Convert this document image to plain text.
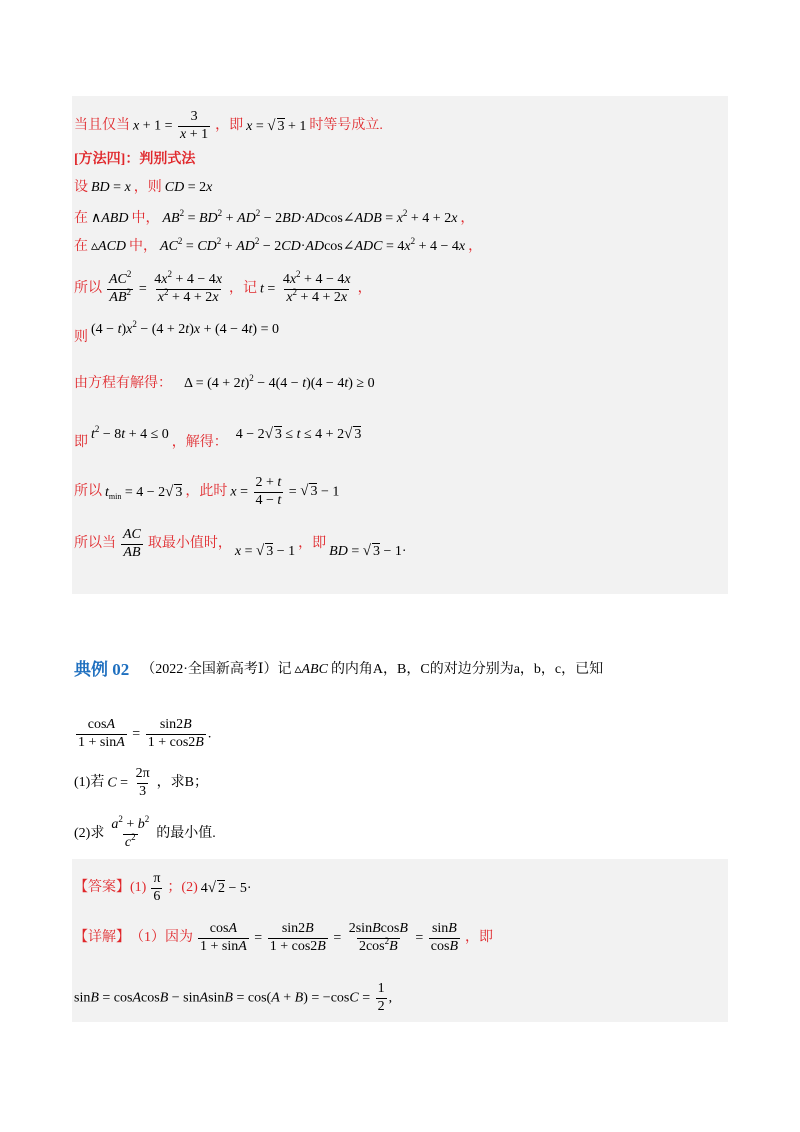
当且仅当 $x + 1 = \frac{3}{x + 1}$ ，即 x = √ 3 + 1 时等号成立.
[方法四]：判别式法
设 BD = x ，则 CD = 2x
在 ∧ABD 中， $AB^2 = BD^2 + AD^2$ − 2BD·ADcos∠ADB = $x^2 + 4 + 2x$ ，
在 ▵ACD 中， $AC^2 = CD^2 + AD^2$ − 2CD·ADcos∠ADC = $4x^2 + 4 - 4x$ ，
所以 $\frac{AC^2}{AB^2} = \frac{4x^2 + 4 - 4x}{x^2 + 4 + 2x}$ ，记 $t = \frac{4x^2 + 4 - 4x}{x^2 + 4 + 2x}$ ，
则
$(4 - t)x^2 - (4 + 2t)x + (4 - 4t) = 0$
由方程有解得： $\Delta = (4 + 2t)^2 - 4(4 - t)(4 - 4t) \ge 0$
即
$t^2 - 8t + 4 \le 0$
，解得： 4 − 2√ 3 ≤ t ≤ 4 + 2√ 3
所以 $t_{min} = 4 - 2√$ 3 ，此时 $x = \frac{2 + t}{4 - t}$ = √ 3 − 1
所以当 $\frac{AC}{AB}$ 取最小值时， x = √ 3 − 1 ，即 BD = √ 3 − 1·
典例 02 （2022·全国新高考Ⅰ）记 ▵ABC 的内角A，B，C的对边分别为a，b，c，已知
$\frac{\cos A}{1 + \sin A} = \frac{\sin 2B}{1 + \cos 2B}$ .
(1)若 $C = \frac{2\pi}{3}$ ，求B；
(2)求 $\frac{a^2 + b^2}{c^2}$ 的最小值.
【答案】 $(1) \frac{\pi}{6}$ ；(2) 4√ 2 − 5·
【详解】 （1）因为 $\frac{\cos A}{1 + \sin A} = \frac{\sin 2B}{1 + \cos 2B} = \frac{\text{2sinBcosB}}{2\cos^2B} = \frac{\sin B}{\cos B}$ ，即
sinB = cosAcosB − sinAsinB = $\cos(A + B) = -\cos C = \frac{1}{2}$ ,
